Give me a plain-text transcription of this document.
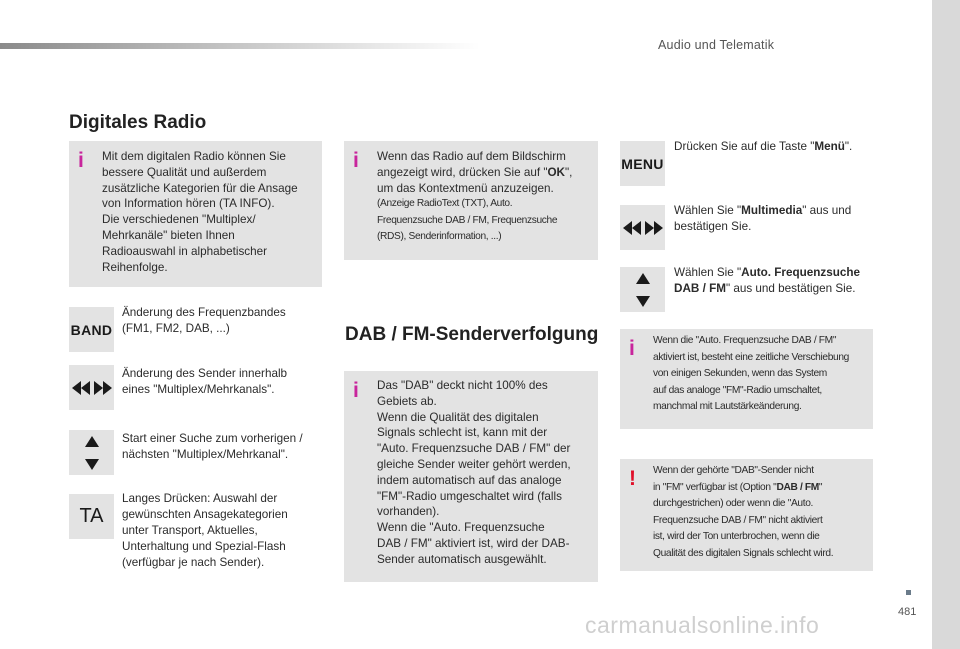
Audio und Telematik
Digitales Radio
i Mit dem digitalen Radio können Sie

bessere Qualität und außerdem

zusätzliche Kategorien für die Ansage

von Information hören (TA INFO).

Die verschiedenen "Multiplex/

Mehrkanäle" bieten Ihnen

Radioauswahl in alphabetischer

Reihenfolge.

BAND

Änderung des Frequenzbandes

(FM1, FM2, DAB, ...)

Änderung des Sender innerhalb

eines "Multiplex/Mehrkanals".

Start einer Suche zum vorherigen /

nächsten "Multiplex/Mehrkanal".

TA

Langes Drücken: Auswahl der

gewünschten Ansagekategorien

unter Transport, Aktuelles,

Unterhaltung und Spezial-Flash

(verfügbar je nach Sender).

i Wenn das Radio auf dem Bildschirm

angezeigt wird, drücken Sie auf "OK",

um das Kontextmenü anzuzeigen.

(Anzeige RadioText (TXT), Auto.

Frequenzsuche DAB / FM, Frequenzsuche

(RDS), Senderinformation, ...)

DAB / FM-Senderverfolgung
i Das "DAB" deckt nicht 100% des

Gebiets ab.

Wenn die Qualität des digitalen

Signals schlecht ist, kann mit der

"Auto. Frequenzsuche DAB / FM" der

gleiche Sender weiter gehört werden,

indem automatisch auf das analoge

"FM"-Radio umgeschaltet wird (falls

vorhanden).

Wenn die "Auto. Frequenzsuche

DAB / FM" aktiviert ist, wird der DAB-

Sender automatisch ausgewählt.

MENU

Drücken Sie auf die Taste "Menü".

Wählen Sie "Multimedia" aus und

bestätigen Sie.

Wählen Sie "Auto. Frequenzsuche

DAB / FM" aus und bestätigen Sie.

i Wenn die "Auto. Frequenzsuche DAB / FM"

aktiviert ist, besteht eine zeitliche Verschiebung

von einigen Sekunden, wenn das System

auf das analoge "FM"-Radio umschaltet,

manchmal mit Lautstärkeänderung.

! Wenn der gehörte "DAB"-Sender nicht

in "FM" verfügbar ist (Option "DAB / FM"

durchgestrichen) oder wenn die "Auto.

Frequenzsuche DAB / FM" nicht aktiviert

ist, wird der Ton unterbrochen, wenn die

Qualität des digitalen Signals schlecht wird.

481
carmanualsonline.info
